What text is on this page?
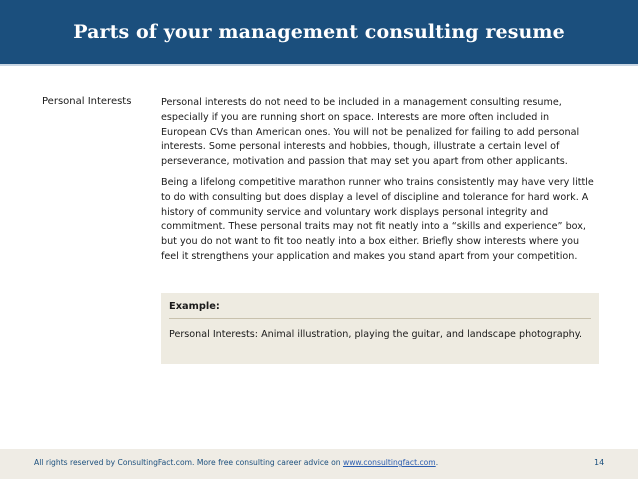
Parts of your management consulting resume
Personal Interests	Personal interests do not need to be included in a management consulting resume, especially if you are running short on space. Interests are more often included in European CVs than American ones. You will not be penalized for failing to add personal interests. Some personal interests and hobbies, though, illustrate a certain level of perseverance, motivation and passion that may set you apart from other applicants.

Being a lifelong competitive marathon runner who trains consistently may have very little to do with consulting but does display a level of discipline and tolerance for hard work. A history of community service and voluntary work displays personal integrity and commitment. These personal traits may not fit neatly into a “skills and experience” box, but you do not want to fit too neatly into a box either. Briefly show interests where you feel it strengthens your application and makes you stand apart from your competition.

Example:
Personal Interests: Animal illustration, playing the guitar, and landscape photography.
All rights reserved by ConsultingFact.com. More free consulting career advice on www.consultingfact.com.	14
